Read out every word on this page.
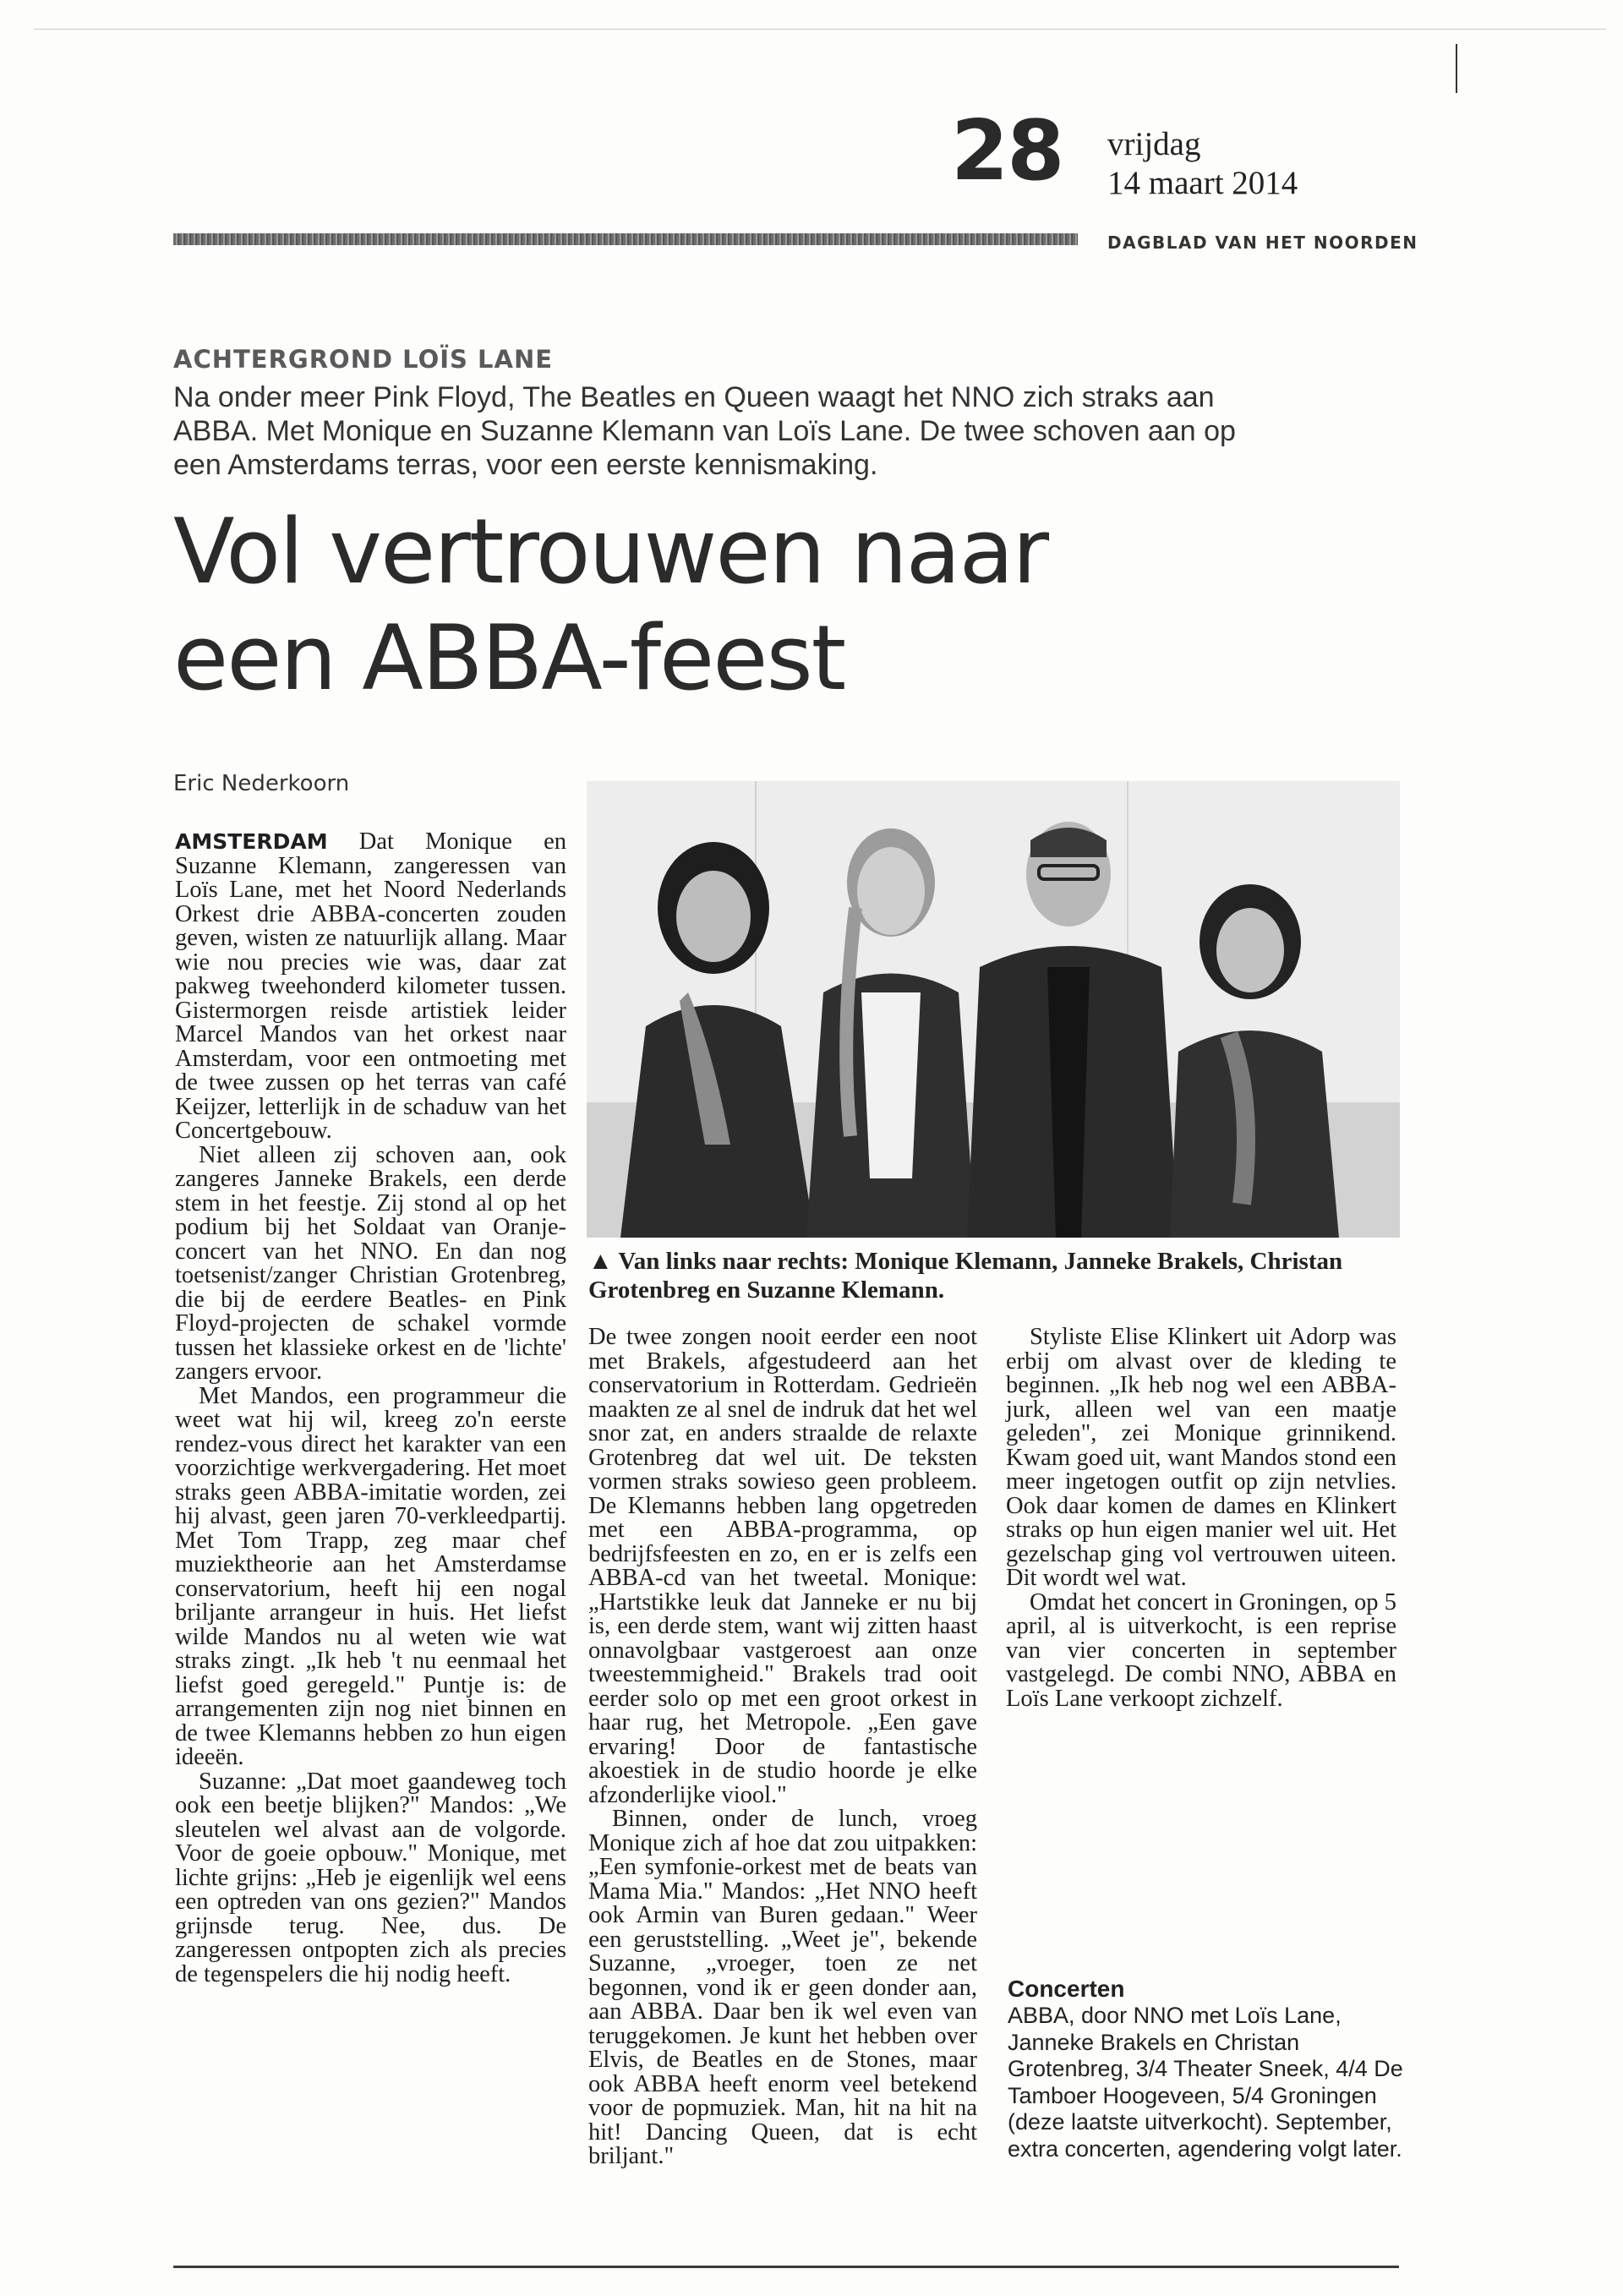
28 vrijdag
14 maart 2014
DAGBLAD VAN HET NOORDEN
ACHTERGROND LOÏS LANE
Na onder meer Pink Floyd, The Beatles en Queen waagt het NNO zich straks aan ABBA. Met Monique en Suzanne Klemann van Loïs Lane. De twee schoven aan op een Amsterdams terras, voor een eerste kennismaking.
Vol vertrouwen naar
een ABBA-feest
Eric Nederkoorn

AMSTERDAM Dat Monique en Suzanne Klemann, zangeressen van Loïs Lane, met het Noord Nederlands Orkest drie ABBA-concerten zouden geven, wisten ze natuurlijk allang. Maar wie nou precies wie was, daar zat pakweg tweehonderd kilometer tussen. Gistermorgen reisde artistiek leider Marcel Mandos van het orkest naar Amsterdam, voor een ontmoeting met de twee zussen op het terras van café Keijzer, letterlijk in de schaduw van het Concertgebouw.

Niet alleen zij schoven aan, ook zangeres Janneke Brakels, een derde stem in het feestje. Zij stond al op het podium bij het Soldaat van Oranje-concert van het NNO. En dan nog toetsenist/zanger Christian Grotenbreg, die bij de eerdere Beatles- en Pink Floyd-projecten de schakel vormde tussen het klassieke orkest en de 'lichte' zangers ervoor.

Met Mandos, een programmeur die weet wat hij wil, kreeg zo'n eerste rendez-vous direct het karakter van een voorzichtige werkvergadering. Het moet straks geen ABBA-imitatie worden, zei hij alvast, geen jaren 70-verkleedpartij. Met Tom Trapp, zeg maar chef muziektheorie aan het Amsterdamse conservatorium, heeft hij een nogal briljante arrangeur in huis. Het liefst wilde Mandos nu al weten wie wat straks zingt. „Ik heb 't nu eenmaal het liefst goed geregeld." Puntje is: de arrangementen zijn nog niet binnen en de twee Klemanns hebben zo hun eigen ideeën.

Suzanne: „Dat moet gaandeweg toch ook een beetje blijken?" Mandos: „We sleutelen wel alvast aan de volgorde. Voor de goeie opbouw." Monique, met lichte grijns: „Heb je eigenlijk wel eens een optreden van ons gezien?" Mandos grijnsde terug. Nee, dus. De zangeressen ontpopten zich als precies de tegenspelers die hij nodig heeft.

▲ Van links naar rechts: Monique Klemann, Janneke Brakels, Christan Grotenbreg en Suzanne Klemann.

De twee zongen nooit eerder een noot met Brakels, afgestudeerd aan het conservatorium in Rotterdam. Gedrieën maakten ze al snel de indruk dat het wel snor zat, en anders straalde de relaxte Grotenbreg dat wel uit. De teksten vormen straks sowieso geen probleem. De Klemanns hebben lang opgetreden met een ABBA-programma, op bedrijfsfeesten en zo, en er is zelfs een ABBA-cd van het tweetal. Monique: „Hartstikke leuk dat Janneke er nu bij is, een derde stem, want wij zitten haast onnavolgbaar vastgeroest aan onze tweestemmigheid." Brakels trad ooit eerder solo op met een groot orkest in haar rug, het Metropole. „Een gave ervaring! Door de fantastische akoestiek in de studio hoorde je elke afzonderlijke viool."

Binnen, onder de lunch, vroeg Monique zich af hoe dat zou uitpakken: „Een symfonie-orkest met de beats van Mama Mia." Mandos: „Het NNO heeft ook Armin van Buren gedaan." Weer een geruststelling. „Weet je", bekende Suzanne, „vroeger, toen ze net begonnen, vond ik er geen donder aan, aan ABBA. Daar ben ik wel even van teruggekomen. Je kunt het hebben over Elvis, de Beatles en de Stones, maar ook ABBA heeft enorm veel betekend voor de popmuziek. Man, hit na hit na hit! Dancing Queen, dat is echt briljant."

Styliste Elise Klinkert uit Adorp was erbij om alvast over de kleding te beginnen. „Ik heb nog wel een ABBA-jurk, alleen wel van een maatje geleden", zei Monique grinnikend. Kwam goed uit, want Mandos stond een meer ingetogen outfit op zijn netvlies. Ook daar komen de dames en Klinkert straks op hun eigen manier wel uit. Het gezelschap ging vol vertrouwen uiteen. Dit wordt wel wat.

Omdat het concert in Groningen, op 5 april, al is uitverkocht, is een reprise van vier concerten in september vastgelegd. De combi NNO, ABBA en Loïs Lane verkoopt zichzelf.

Concerten
ABBA, door NNO met Loïs Lane, Janneke Brakels en Christan Grotenbreg, 3/4 Theater Sneek, 4/4 De Tamboer Hoogeveen, 5/4 Groningen (deze laatste uitverkocht). September, extra concerten, agendering volgt later.
